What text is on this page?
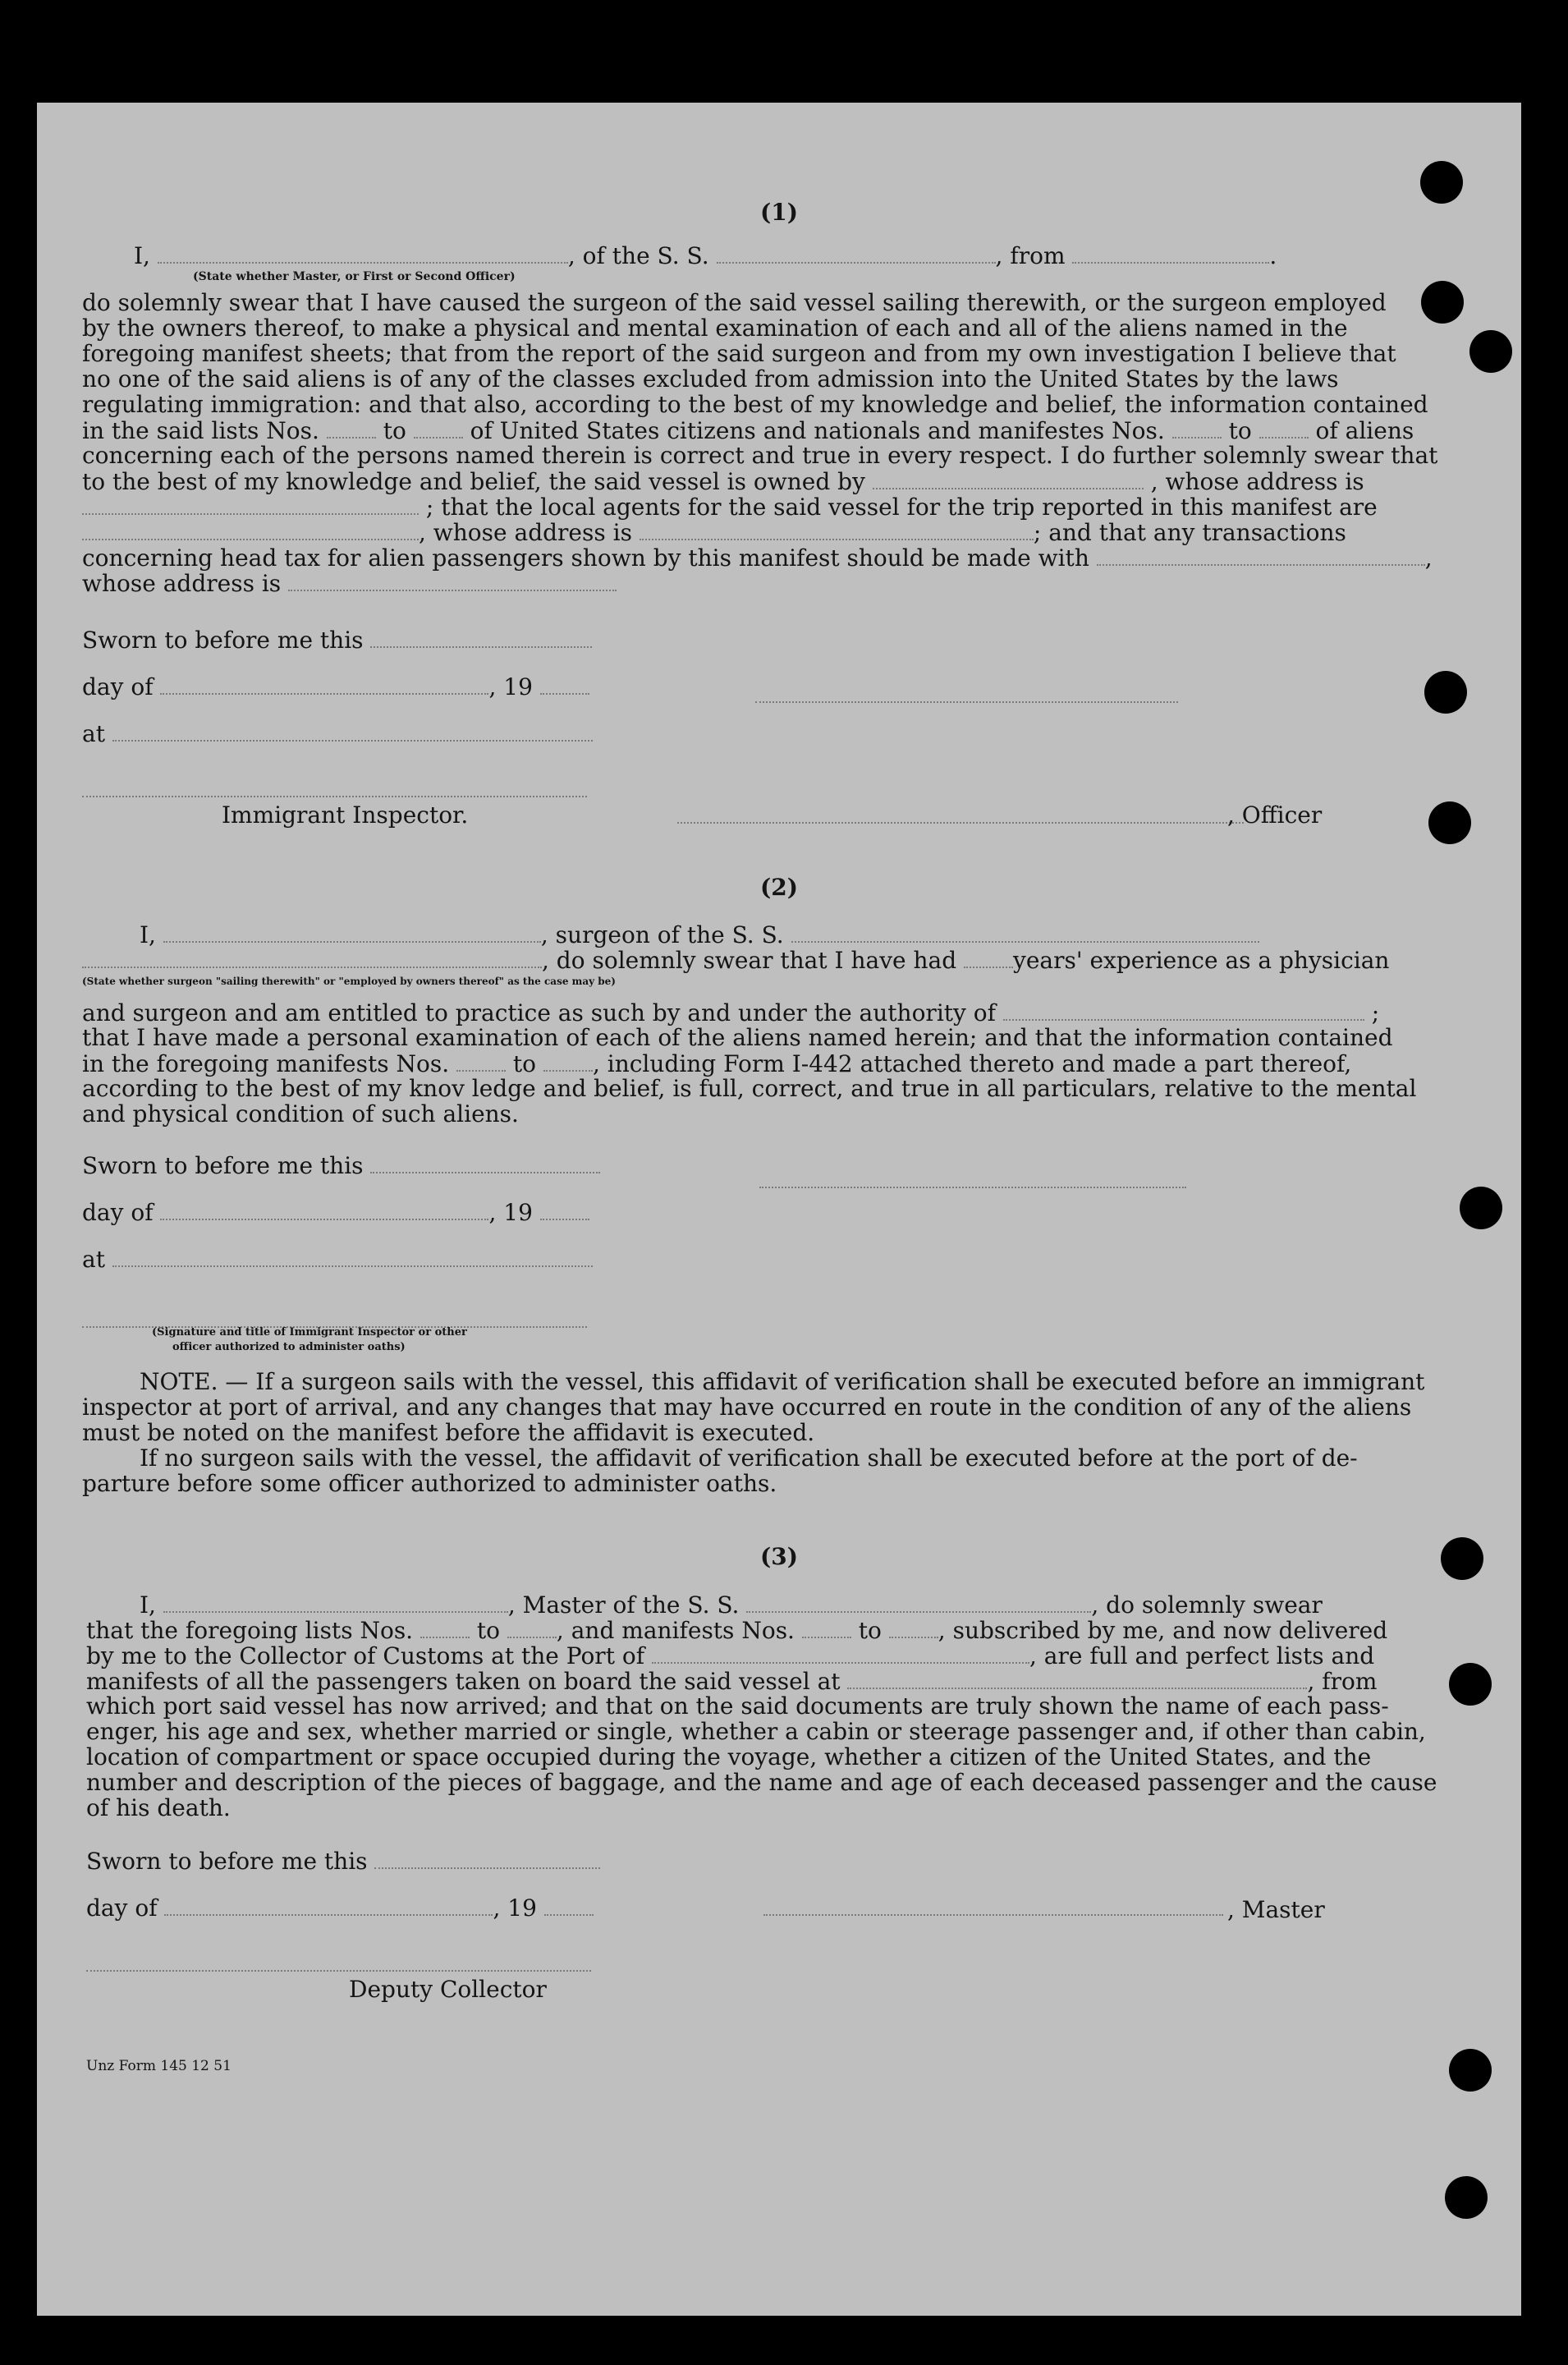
(1)
I,	, of the S. S.	, from	.
(State whether Master, or First or Second Officer)
do solemnly swear that I have caused the surgeon of the said vessel sailing therewith, or the surgeon employed
by the owners thereof, to make a physical and mental examination of each and all of the aliens named in the
foregoing manifest sheets; that from the report of the said surgeon and from my own investigation I believe that
no one of the said aliens is of any of the classes excluded from admission into the United States by the laws
regulating immigration: and that also, according to the best of my knowledge and belief, the information contained
in the said lists Nos.	to	of United States citizens and nationals and manifestes Nos.	to	of aliens
concerning each of the persons named therein is correct and true in every respect. I do further solemnly swear that
to the best of my knowledge and belief, the said vessel is owned by	, whose address is
; that the local agents for the said vessel for the trip reported in this manifest are
, whose address is	; and that any transactions
concerning head tax for alien passengers shown by this manifest should be made with	,
whose address is
Sworn to before me this
day of	, 19
at
Immigrant Inspector.	, Officer
(2)
I,	, surgeon of the S. S.
, do solemnly swear that I have had years' experience as a physician
(State whether surgeon "sailing therewith" or "employed by owners thereof" as the case may be)
and surgeon and am entitled to practice as such by and under the authority of	;
that I have made a personal examination of each of the aliens named herein; and that the information contained
in the foregoing manifests Nos.	to , including Form I-442 attached thereto and made a part thereof,
according to the best of my knov ledge and belief, is full, correct, and true in all particulars, relative to the mental
and physical condition of such aliens.
Sworn to before me this
day of	, 19
at
(Signature and title of Immigrant Inspector or other
officer authorized to administer oaths)
NOTE. — If a surgeon sails with the vessel, this affidavit of verification shall be executed before an immigrant
inspector at port of arrival, and any changes that may have occurred en route in the condition of any of the aliens
must be noted on the manifest before the affidavit is executed.
If no surgeon sails with the vessel, the affidavit of verification shall be executed before at the port of de-
parture before some officer authorized to administer oaths.
(3)
I,	, Master of the S. S.	, do solemnly swear
that the foregoing lists Nos.	to , and manifests Nos.	to , subscribed by me, and now delivered
by me to the Collector of Customs at the Port of	, are full and perfect lists and
manifests of all the passengers taken on board the said vessel at	, from
which port said vessel has now arrived; and that on the said documents are truly shown the name of each pass-
enger, his age and sex, whether married or single, whether a cabin or steerage passenger and, if other than cabin,
location of compartment or space occupied during the voyage, whether a citizen of the United States, and the
number and description of the pieces of baggage, and the name and age of each deceased passenger and the cause
of his death.
Sworn to before me this
day of	, 19	, Master
Deputy Collector
Unz Form 145 12 51
